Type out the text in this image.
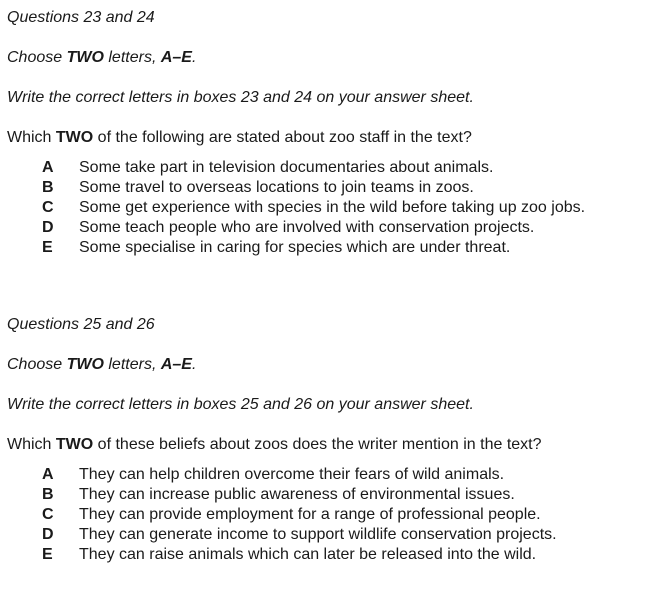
Questions 23 and 24
Choose TWO letters, A–E.
Write the correct letters in boxes 23 and 24 on your answer sheet.
Which TWO of the following are stated about zoo staff in the text?
A Some take part in television documentaries about animals.
B Some travel to overseas locations to join teams in zoos.
C Some get experience with species in the wild before taking up zoo jobs.
D Some teach people who are involved with conservation projects.
E Some specialise in caring for species which are under threat.
Questions 25 and 26
Choose TWO letters, A–E.
Write the correct letters in boxes 25 and 26 on your answer sheet.
Which TWO of these beliefs about zoos does the writer mention in the text?
A They can help children overcome their fears of wild animals.
B They can increase public awareness of environmental issues.
C They can provide employment for a range of professional people.
D They can generate income to support wildlife conservation projects.
E They can raise animals which can later be released into the wild.
